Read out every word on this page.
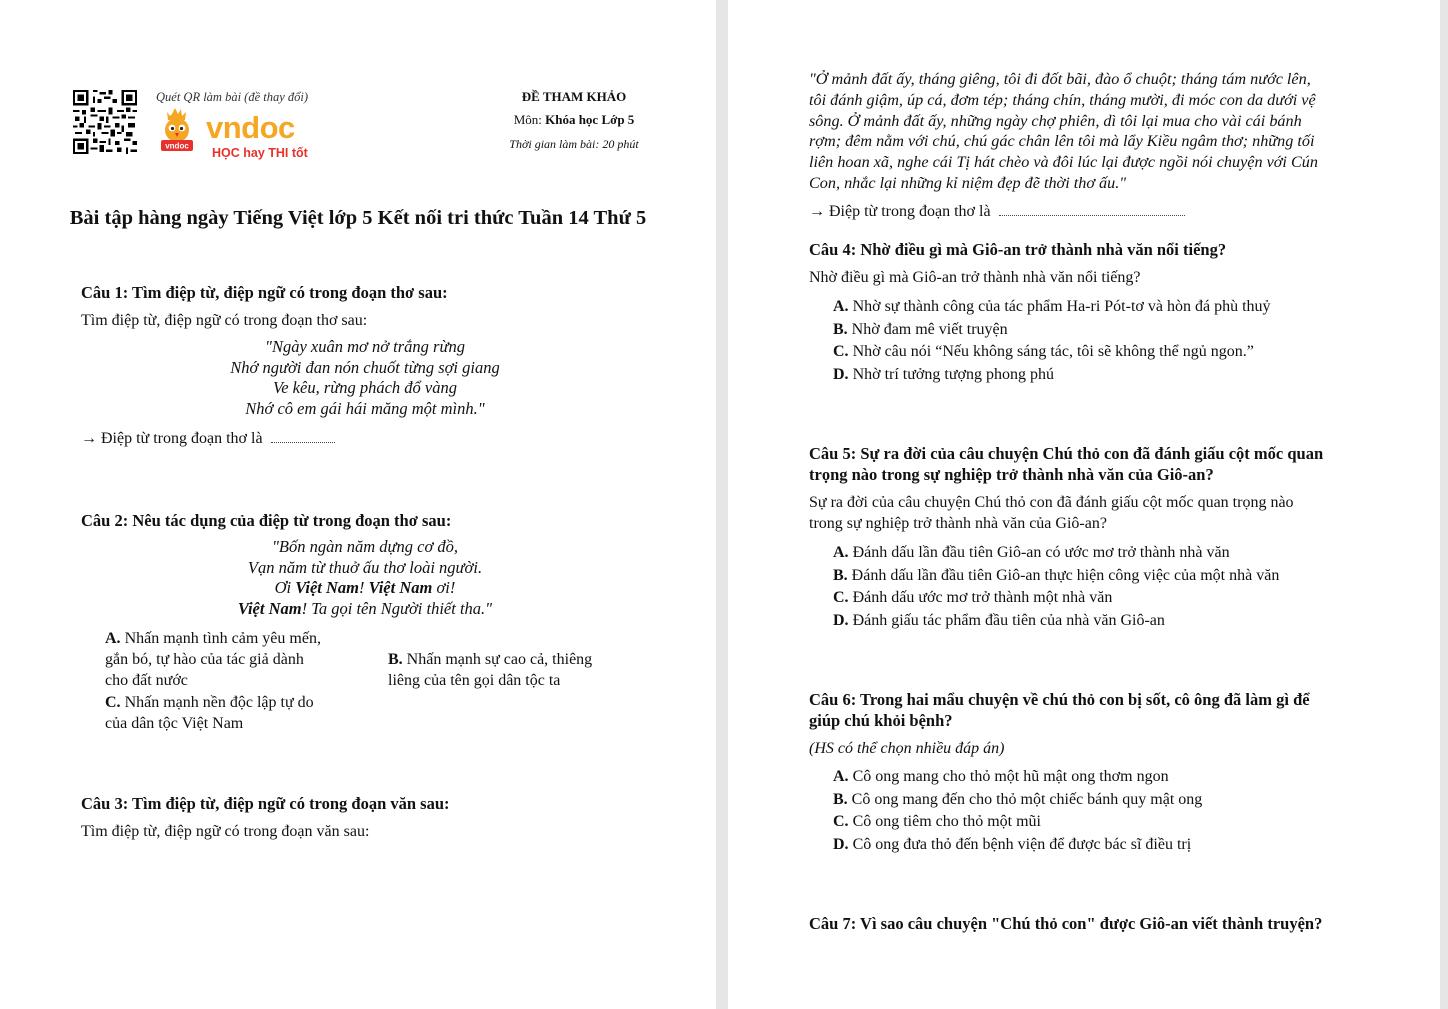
Quét QR làm bài (đề thay đổi)
vndoc
vndoc
HỌC hay THI tốt
ĐỀ THAM KHẢO
Môn: Khóa học Lớp 5
Thời gian làm bài: 20 phút
Bài tập hàng ngày Tiếng Việt lớp 5 Kết nối tri thức Tuần 14 Thứ 5
Câu 1: Tìm điệp từ, điệp ngữ có trong đoạn thơ sau:
Tìm điệp từ, điệp ngữ có trong đoạn thơ sau:
"Ngày xuân mơ nở trắng rừng
Nhớ người đan nón chuốt từng sợi giang
Ve kêu, rừng phách đổ vàng
Nhớ cô em gái hái măng một mình."
→ Điệp từ trong đoạn thơ là
Câu 2: Nêu tác dụng của điệp từ trong đoạn thơ sau:
"Bốn ngàn năm dựng cơ đồ,
Vạn năm từ thuở ấu thơ loài người.
Ơi Việt Nam! Việt Nam ơi!
Việt Nam! Ta gọi tên Người thiết tha."
A. Nhấn mạnh tình cảm yêu mến,
gắn bó, tự hào của tác giả dành
cho đất nước
B. Nhấn mạnh sự cao cả, thiêng
liêng của tên gọi dân tộc ta
C. Nhấn mạnh nền độc lập tự do
của dân tộc Việt Nam
Câu 3: Tìm điệp từ, điệp ngữ có trong đoạn văn sau:
Tìm điệp từ, điệp ngữ có trong đoạn văn sau:
"Ở mảnh đất ấy, tháng giêng, tôi đi đốt bãi, đào ổ chuột; tháng tám nước lên,
tôi đánh giậm, úp cá, đơm tép; tháng chín, tháng mười, đi móc con da dưới vệ
sông. Ở mảnh đất ấy, những ngày chợ phiên, dì tôi lại mua cho vài cái bánh
rợm; đêm nằm với chú, chú gác chân lên tôi mà lẩy Kiều ngâm thơ; những tối
liên hoan xã, nghe cái Tị hát chèo và đôi lúc lại được ngồi nói chuyện với Cún
Con, nhắc lại những kỉ niệm đẹp đẽ thời thơ ấu."
→ Điệp từ trong đoạn thơ là
Câu 4: Nhờ điều gì mà Giô-an trở thành nhà văn nổi tiếng?
Nhờ điều gì mà Giô-an trở thành nhà văn nổi tiếng?
A. Nhờ sự thành công của tác phẩm Ha-ri Pót-tơ và hòn đá phù thuỷ
B. Nhờ đam mê viết truyện
C. Nhờ câu nói “Nếu không sáng tác, tôi sẽ không thể ngủ ngon.”
D. Nhờ trí tưởng tượng phong phú
Câu 5: Sự ra đời của câu chuyện Chú thỏ con đã đánh giấu cột mốc quan
trọng nào trong sự nghiệp trở thành nhà văn của Giô-an?
Sự ra đời của câu chuyện Chú thỏ con đã đánh giấu cột mốc quan trọng nào
trong sự nghiệp trở thành nhà văn của Giô-an?
A. Đánh dấu lần đầu tiên Giô-an có ước mơ trở thành nhà văn
B. Đánh dấu lần đầu tiên Giô-an thực hiện công việc của một nhà văn
C. Đánh dấu ước mơ trở thành một nhà văn
D. Đánh giấu tác phẩm đầu tiên của nhà văn Giô-an
Câu 6: Trong hai mẩu chuyện về chú thỏ con bị sốt, cô ông đã làm gì để
giúp chú khỏi bệnh?
(HS có thể chọn nhiều đáp án)
A. Cô ong mang cho thỏ một hũ mật ong thơm ngon
B. Cô ong mang đến cho thỏ một chiếc bánh quy mật ong
C. Cô ong tiêm cho thỏ một mũi
D. Cô ong đưa thỏ đến bệnh viện để được bác sĩ điều trị
Câu 7: Vì sao câu chuyện "Chú thỏ con" được Giô-an viết thành truyện?
